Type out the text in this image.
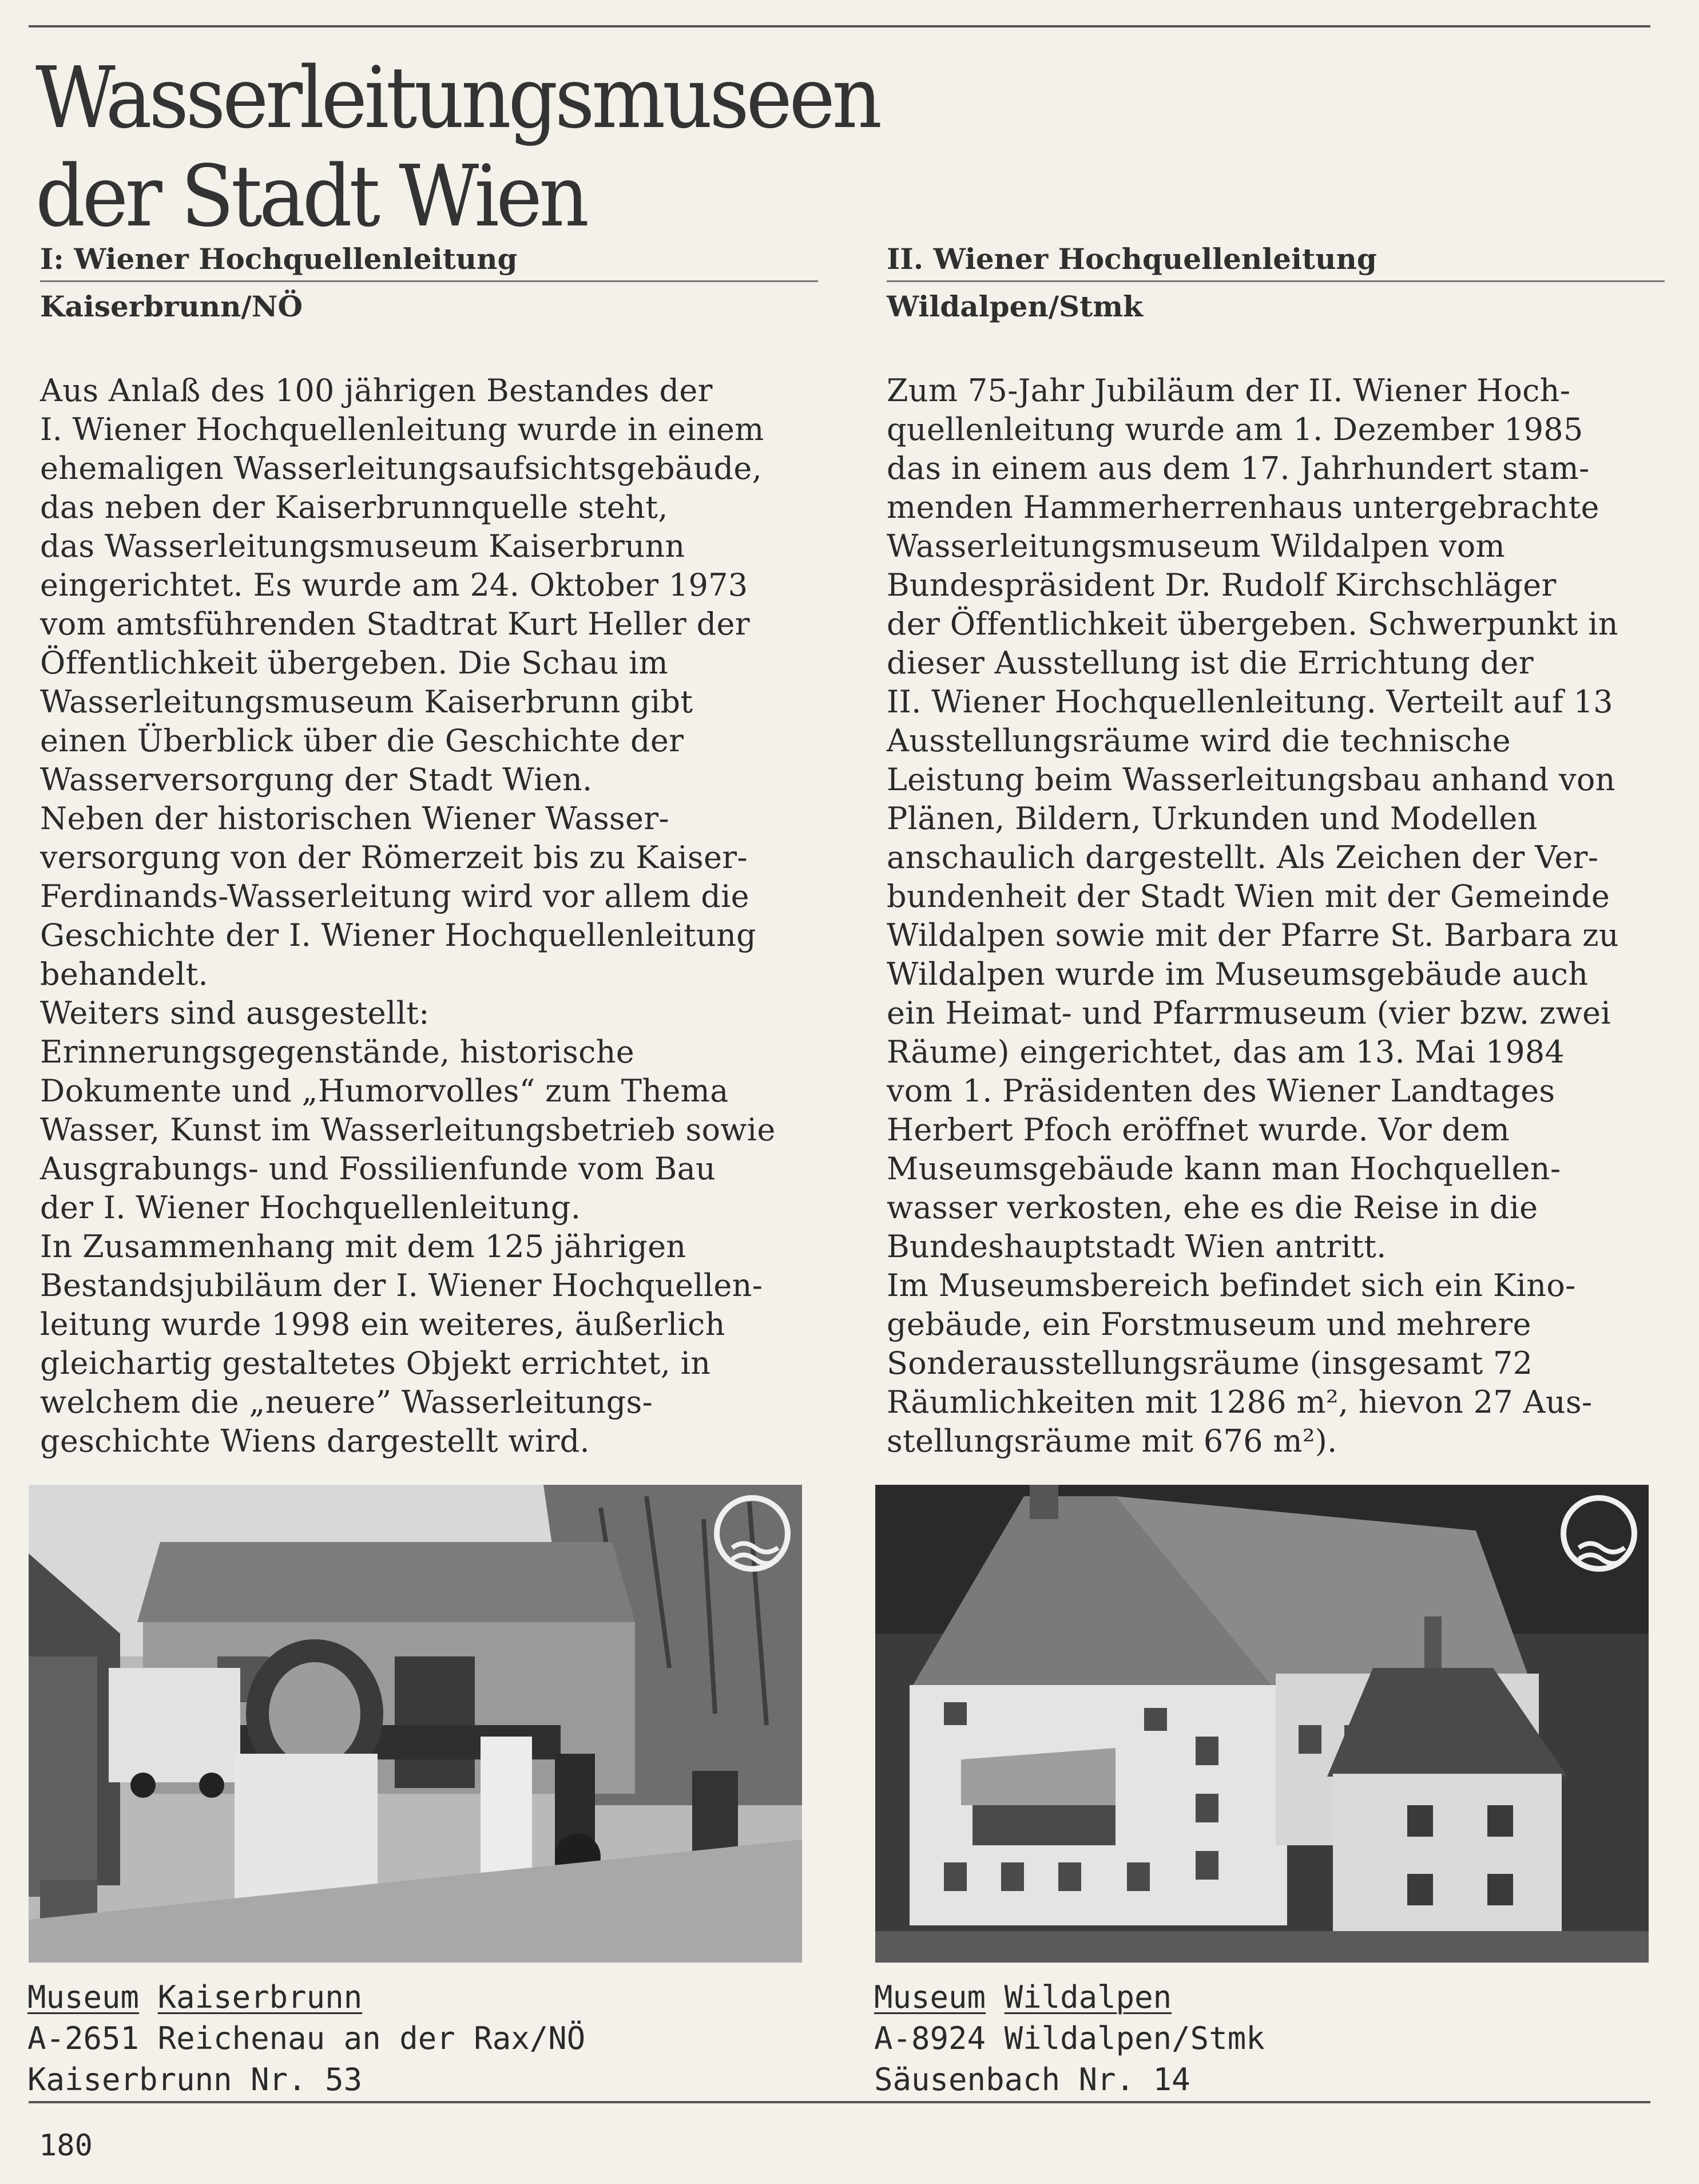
Wasserleitungsmuseen
der Stadt Wien
I: Wiener Hochquellenleitung
Kaiserbrunn/NÖ

Aus Anlaß des 100 jährigen Bestandes der

I. Wiener Hochquellenleitung wurde in einem

ehemaligen Wasserleitungsaufsichtsgebäude,

das neben der Kaiserbrunnquelle steht,

das Wasserleitungsmuseum Kaiserbrunn

eingerichtet. Es wurde am 24. Oktober 1973

vom amtsführenden Stadtrat Kurt Heller der

Öffentlichkeit übergeben. Die Schau im

Wasserleitungsmuseum Kaiserbrunn gibt

einen Überblick über die Geschichte der

Wasserversorgung der Stadt Wien.

Neben der historischen Wiener Wasser-

versorgung von der Römerzeit bis zu Kaiser-

Ferdinands-Wasserleitung wird vor allem die

Geschichte der I. Wiener Hochquellenleitung

behandelt.

Weiters sind ausgestellt:

Erinnerungsgegenstände, historische

Dokumente und „Humorvolles“ zum Thema

Wasser, Kunst im Wasserleitungsbetrieb sowie

Ausgrabungs- und Fossilienfunde vom Bau

der I. Wiener Hochquellenleitung.

In Zusammenhang mit dem 125 jährigen

Bestandsjubiläum der I. Wiener Hochquellen-

leitung wurde 1998 ein weiteres, äußerlich

gleichartig gestaltetes Objekt errichtet, in

welchem die „neuere” Wasserleitungs-

geschichte Wiens dargestellt wird.

II. Wiener Hochquellenleitung
Wildalpen/Stmk

Zum 75-Jahr Jubiläum der II. Wiener Hoch-

quellenleitung wurde am 1. Dezember 1985

das in einem aus dem 17. Jahrhundert stam-

menden Hammerherrenhaus untergebrachte

Wasserleitungsmuseum Wildalpen vom

Bundespräsident Dr. Rudolf Kirchschläger

der Öffentlichkeit übergeben. Schwerpunkt in

dieser Ausstellung ist die Errichtung der

II. Wiener Hochquellenleitung. Verteilt auf 13

Ausstellungsräume wird die technische

Leistung beim Wasserleitungsbau anhand von

Plänen, Bildern, Urkunden und Modellen

anschaulich dargestellt. Als Zeichen der Ver-

bundenheit der Stadt Wien mit der Gemeinde

Wildalpen sowie mit der Pfarre St. Barbara zu

Wildalpen wurde im Museumsgebäude auch

ein Heimat- und Pfarrmuseum (vier bzw. zwei

Räume) eingerichtet, das am 13. Mai 1984

vom 1. Präsidenten des Wiener Landtages

Herbert Pfoch eröffnet wurde. Vor dem

Museumsgebäude kann man Hochquellen-

wasser verkosten, ehe es die Reise in die

Bundeshauptstadt Wien antritt.

Im Museumsbereich befindet sich ein Kino-

gebäude, ein Forstmuseum und mehrere

Sonderausstellungsräume (insgesamt 72

Räumlichkeiten mit 1286 m², hievon 27 Aus-

stellungsräume mit 676 m²).

Museum Kaiserbrunn
A-2651 Reichenau an der Rax/NÖ
Kaiserbrunn Nr. 53
Museum Wildalpen
A-8924 Wildalpen/Stmk
Säusenbach Nr. 14
180
